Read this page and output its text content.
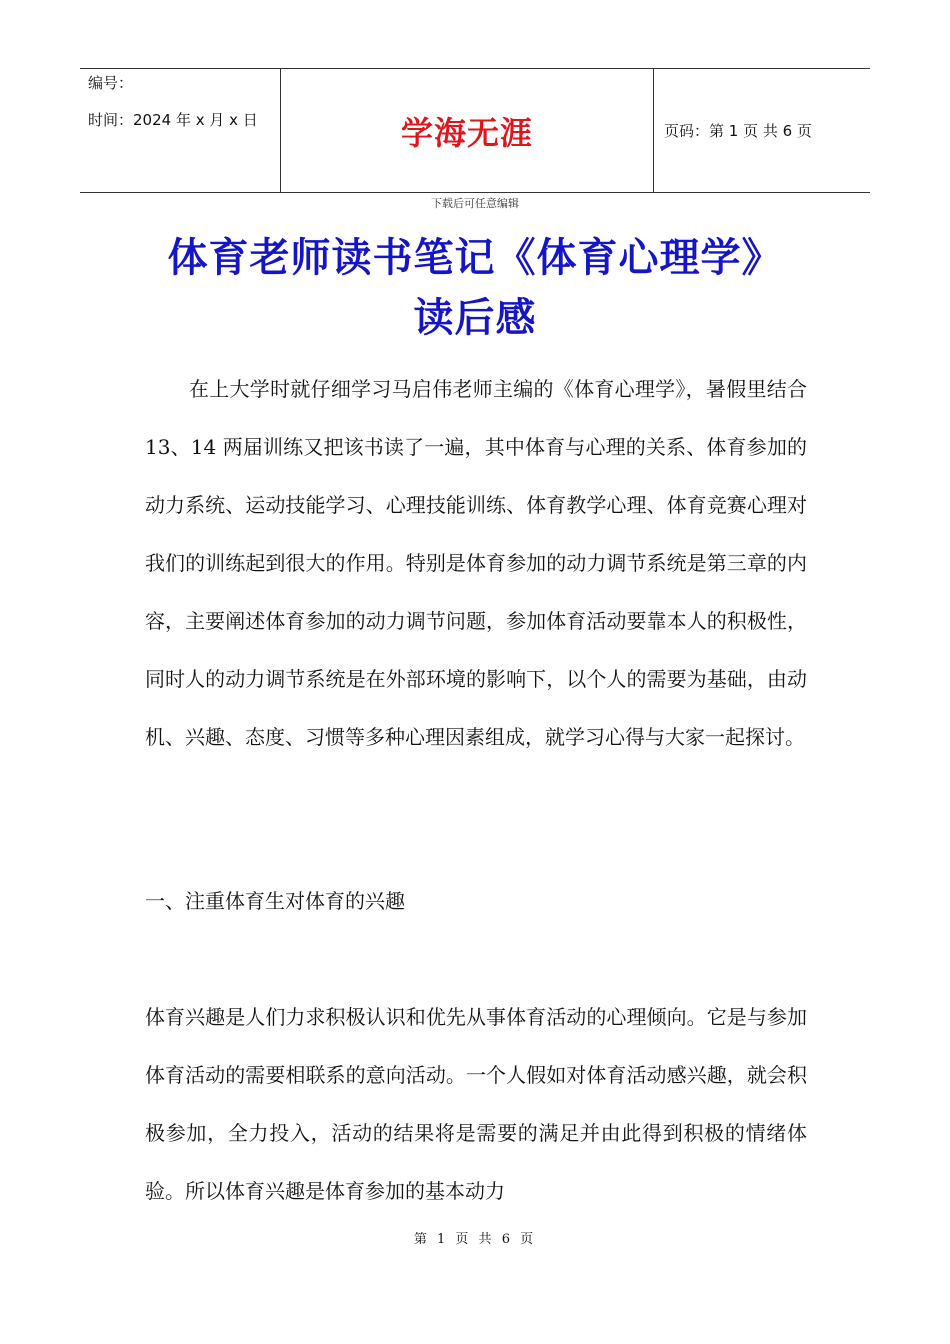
编号：
时间：2024 年 x 月 x 日	学海无涯	页码：第 1 页 共 6 页
下载后可任意编辑
体育老师读书笔记《体育心理学》
读后感
在上大学时就仔细学习马启伟老师主编的《体育心理学》，暑假里结合 13、14 两届训练又把该书读了一遍，其中体育与心理的关系、体育参加的动力系统、运动技能学习、心理技能训练、体育教学心理、体育竞赛心理对我们的训练起到很大的作用。特别是体育参加的动力调节系统是第三章的内容，主要阐述体育参加的动力调节问题，参加体育活动要靠本人的积极性，同时人的动力调节系统是在外部环境的影响下，以个人的需要为基础，由动机、兴趣、态度、习惯等多种心理因素组成，就学习心得与大家一起探讨。
一、注重体育生对体育的兴趣
体育兴趣是人们力求积极认识和优先从事体育活动的心理倾向。它是与参加体育活动的需要相联系的意向活动。一个人假如对体育活动感兴趣，就会积极参加，全力投入，活动的结果将是需要的满足并由此得到积极的情绪体验。所以体育兴趣是体育参加的基本动力
第 1 页 共 6 页
